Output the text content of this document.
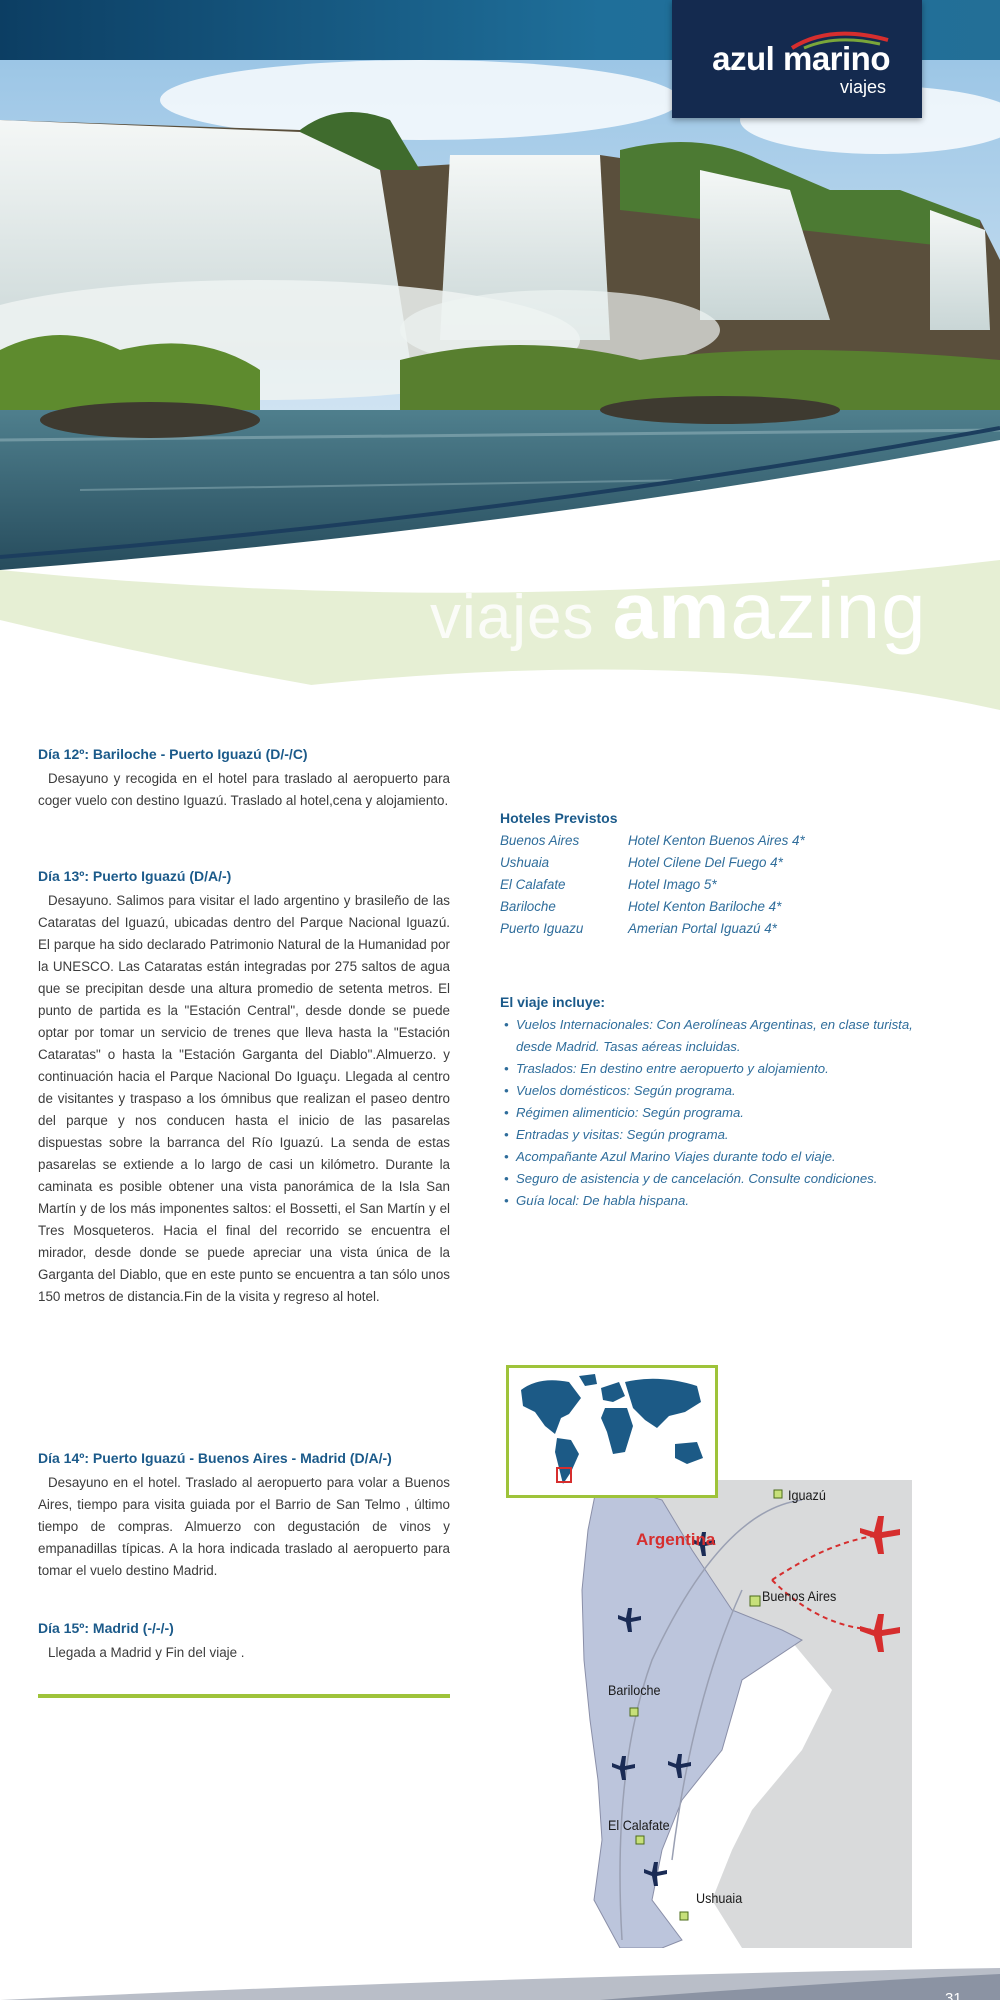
azul marino
viajes
viajes amazing
Día 12º: Bariloche - Puerto Iguazú (D/-/C)

Desayuno y recogida en el hotel para traslado al aeropuerto para coger vuelo con destino Iguazú. Traslado al hotel,cena y alojamiento.

Día 13º: Puerto Iguazú (D/A/-)

Desayuno. Salimos para visitar el lado argentino y brasileño de las Cataratas del Iguazú, ubicadas dentro del Parque Nacional Iguazú. El parque ha sido declarado Patrimonio Natural de la Humanidad por la UNESCO. Las Cataratas están integradas por 275 saltos de agua que se precipitan desde una altura promedio de setenta metros. El punto de partida es la "Estación Central", desde donde se puede optar por tomar un servicio de trenes que lleva hasta la "Estación Cataratas" o hasta la "Estación Garganta del Diablo".Almuerzo. y continuación hacia el Parque Nacional Do Iguaçu. Llegada al centro de visitantes y traspaso a los ómnibus que realizan el paseo dentro del parque y nos conducen hasta el inicio de las pasarelas dispuestas sobre la barranca del Río Iguazú. La senda de estas pasarelas se extiende a lo largo de casi un kilómetro. Durante la caminata es posible obtener una vista panorámica de la Isla San Martín y de los más imponentes saltos: el Bossetti, el San Martín y el Tres Mosqueteros. Hacia el final del recorrido se encuentra el mirador, desde donde se puede apreciar una vista única de la Garganta del Diablo, que en este punto se encuentra a tan sólo unos 150 metros de distancia.Fin de la visita y regreso al hotel.

Día 14º: Puerto Iguazú - Buenos Aires - Madrid (D/A/-)

Desayuno en el hotel. Traslado al aeropuerto para volar a Buenos Aires, tiempo para visita guiada por el Barrio de San Telmo , último tiempo de compras. Almuerzo con degustación de vinos y empanadillas típicas. A la hora indicada traslado al aeropuerto para tomar el vuelo destino Madrid.

Día 15º: Madrid (-/-/-)

Llegada a Madrid y Fin del viaje .

Hoteles Previstos
Buenos Aires	Hotel Kenton Buenos Aires 4*
Ushuaia	Hotel Cilene Del Fuego 4*
El Calafate	Hotel Imago 5*
Bariloche	Hotel Kenton Bariloche 4*
Puerto Iguazu	Amerian Portal Iguazú 4*
El viaje incluye:
• Vuelos Internacionales: Con Aerolíneas Argentinas, en clase turista, desde Madrid. Tasas aéreas incluidas.
• Traslados: En destino entre aeropuerto y alojamiento.
• Vuelos domésticos: Según programa.
• Régimen alimenticio: Según programa.
• Entradas y visitas: Según programa.
• Acompañante Azul Marino Viajes durante todo el viaje.
• Seguro de asistencia y de cancelación. Consulte condiciones.
• Guía local: De habla hispana.
Iguazú
Buenos Aires
Bariloche
El Calafate
Ushuaia
Argentina
31
